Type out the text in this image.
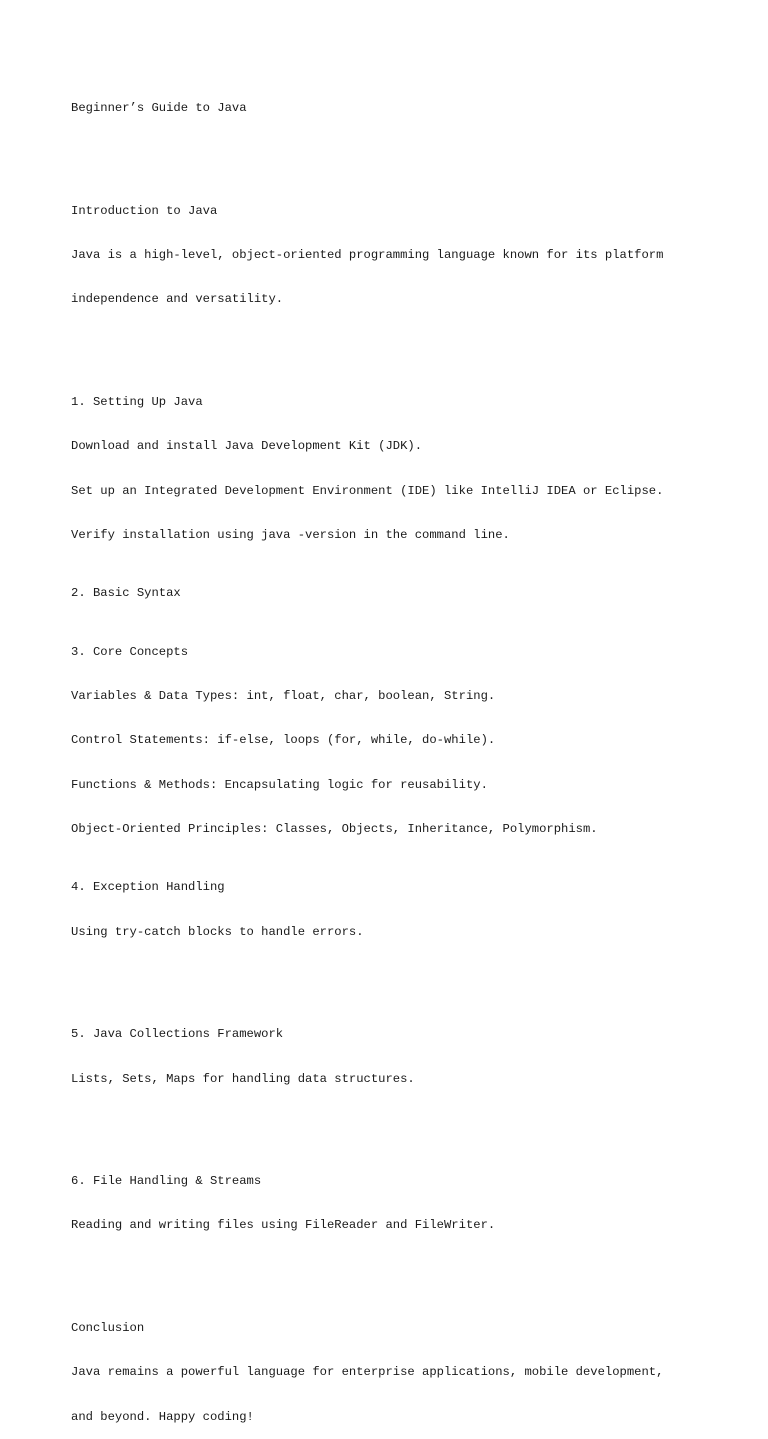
Beginner’s Guide to Java

Introduction to Java

Java is a high-level, object-oriented programming language known for its platform

independence and versatility.

1. Setting Up Java

Download and install Java Development Kit (JDK).

Set up an Integrated Development Environment (IDE) like IntelliJ IDEA or Eclipse.

Verify installation using java -version in the command line.

2. Basic Syntax

3. Core Concepts

Variables & Data Types: int, float, char, boolean, String.

Control Statements: if-else, loops (for, while, do-while).

Functions & Methods: Encapsulating logic for reusability.

Object-Oriented Principles: Classes, Objects, Inheritance, Polymorphism.

4. Exception Handling

Using try-catch blocks to handle errors.

5. Java Collections Framework

Lists, Sets, Maps for handling data structures.

6. File Handling & Streams

Reading and writing files using FileReader and FileWriter.

Conclusion

Java remains a powerful language for enterprise applications, mobile development,

and beyond. Happy coding!
